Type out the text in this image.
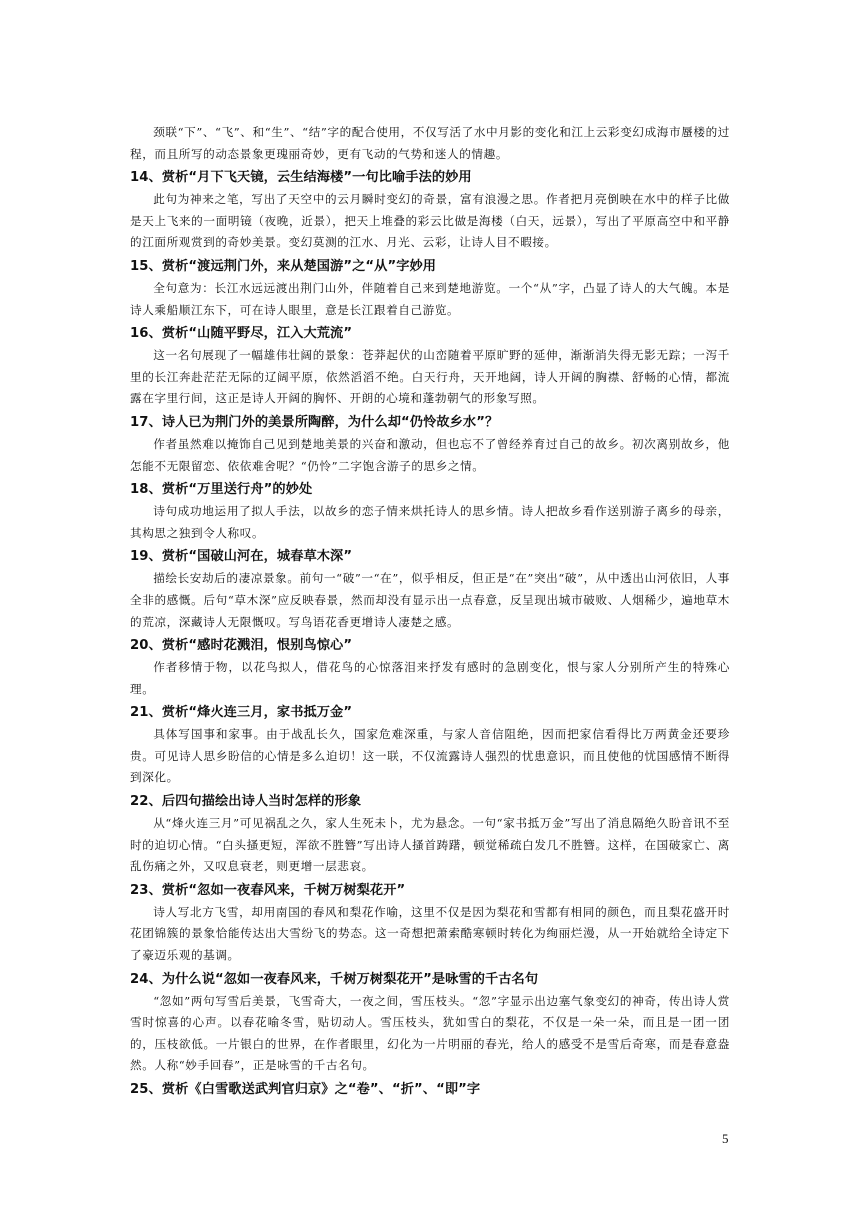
颈联“下”、“飞”、和“生”、“结”字的配合使用，不仅写活了水中月影的变化和江上云彩变幻成海市蜃楼的过程，而且所写的动态景象更瑰丽奇妙，更有飞动的气势和迷人的情趣。

14、赏析“月下飞天镜，云生结海楼”一句比喻手法的妙用

此句为神来之笔，写出了天空中的云月瞬时变幻的奇景，富有浪漫之思。作者把月亮倒映在水中的样子比做是天上飞来的一面明镜（夜晚，近景），把天上堆叠的彩云比做是海楼（白天，远景），写出了平原高空中和平静的江面所观赏到的奇妙美景。变幻莫测的江水、月光、云彩，让诗人目不暇接。

15、赏析“渡远荆门外，来从楚国游”之“从”字妙用

全句意为：长江水远远渡出荆门山外，伴随着自己来到楚地游览。一个“从”字，凸显了诗人的大气魄。本是诗人乘船顺江东下，可在诗人眼里，意是长江跟着自己游览。

16、赏析“山随平野尽，江入大荒流”

这一名句展现了一幅雄伟壮阔的景象：苍莽起伏的山峦随着平原旷野的延伸，渐渐消失得无影无踪；一泻千里的长江奔赴茫茫无际的辽阔平原，依然滔滔不绝。白天行舟，天开地阔，诗人开阔的胸襟、舒畅的心情，都流露在字里行间，这正是诗人开阔的胸怀、开朗的心境和蓬勃朝气的形象写照。

17、诗人已为荆门外的美景所陶醉，为什么却“仍怜故乡水”？

作者虽然难以掩饰自己见到楚地美景的兴奋和激动，但也忘不了曾经养育过自己的故乡。初次离别故乡，他怎能不无限留恋、依依难舍呢？“仍怜”二字饱含游子的思乡之情。

18、赏析“万里送行舟”的妙处

诗句成功地运用了拟人手法，以故乡的恋子情来烘托诗人的思乡情。诗人把故乡看作送别游子离乡的母亲，其构思之独到令人称叹。

19、赏析“国破山河在，城春草木深”

描绘长安劫后的凄凉景象。前句一“破”一“在”，似乎相反，但正是“在”突出“破”，从中透出山河依旧，人事全非的感慨。后句“草木深”应反映春景，然而却没有显示出一点春意，反呈现出城市破败、人烟稀少，遍地草木的荒凉，深藏诗人无限慨叹。写鸟语花香更增诗人凄楚之感。

20、赏析“感时花溅泪，恨别鸟惊心”

作者移情于物，以花鸟拟人，借花鸟的心惊落泪来抒发有感时的急剧变化，恨与家人分别所产生的特殊心理。

21、赏析“烽火连三月，家书抵万金”

具体写国事和家事。由于战乱长久，国家危难深重，与家人音信阻绝，因而把家信看得比万两黄金还要珍贵。可见诗人思乡盼信的心情是多么迫切！这一联，不仅流露诗人强烈的忧患意识，而且使他的忧国感情不断得到深化。

22、后四句描绘出诗人当时怎样的形象

从“烽火连三月”可见祸乱之久，家人生死未卜，尤为悬念。一句“家书抵万金”写出了消息隔绝久盼音讯不至时的迫切心情。“白头搔更短，浑欲不胜簪”写出诗人搔首踌躇，顿觉稀疏白发几不胜簪。这样，在国破家亡、离乱伤痛之外，又叹息衰老，则更增一层悲哀。

23、赏析“忽如一夜春风来，千树万树梨花开”

诗人写北方飞雪，却用南国的春风和梨花作喻，这里不仅是因为梨花和雪都有相同的颜色，而且梨花盛开时花团锦簇的景象恰能传达出大雪纷飞的势态。这一奇想把萧索酷寒顿时转化为绚丽烂漫，从一开始就给全诗定下了豪迈乐观的基调。

24、为什么说“忽如一夜春风来，千树万树梨花开”是咏雪的千古名句

“忽如”两句写雪后美景，飞雪奇大，一夜之间，雪压枝头。“忽”字显示出边塞气象变幻的神奇，传出诗人赏雪时惊喜的心声。以春花喻冬雪，贴切动人。雪压枝头，犹如雪白的梨花，不仅是一朵一朵，而且是一团一团的，压枝欲低。一片银白的世界，在作者眼里，幻化为一片明丽的春光，给人的感受不是雪后奇寒，而是春意盎然。人称“妙手回春”，正是咏雪的千古名句。

25、赏析《白雪歌送武判官归京》之“卷”、“折”、“即”字
5
